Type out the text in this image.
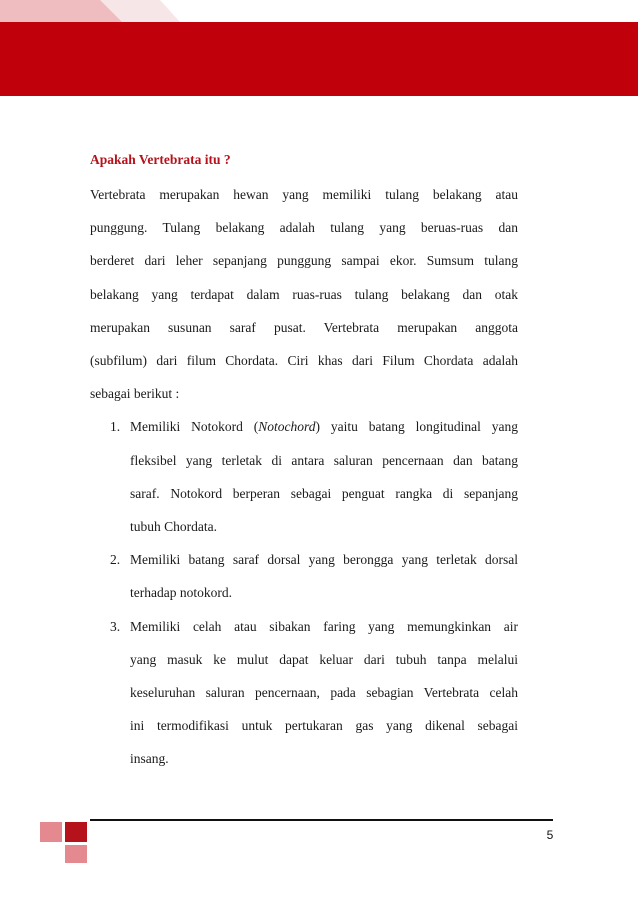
Apakah Vertebrata itu ?

Vertebrata merupakan hewan yang memiliki tulang belakang atau
punggung. Tulang belakang adalah tulang yang beruas-ruas dan
berderet dari leher sepanjang punggung sampai ekor. Sumsum tulang
belakang yang terdapat dalam ruas-ruas tulang belakang dan otak
merupakan susunan saraf pusat. Vertebrata merupakan anggota
(subfilum) dari filum Chordata. Ciri khas dari Filum Chordata adalah
sebagai berikut :

1. Memiliki Notokord (Notochord) yaitu batang longitudinal yang
fleksibel yang terletak di antara saluran pencernaan dan batang
saraf. Notokord berperan sebagai penguat rangka di sepanjang
tubuh Chordata.
2. Memiliki batang saraf dorsal yang berongga yang terletak dorsal
terhadap notokord.
3. Memiliki celah atau sibakan faring yang memungkinkan air
yang masuk ke mulut dapat keluar dari tubuh tanpa melalui
keseluruhan saluran pencernaan, pada sebagian Vertebrata celah
ini termodifikasi untuk pertukaran gas yang dikenal sebagai
insang.
5
